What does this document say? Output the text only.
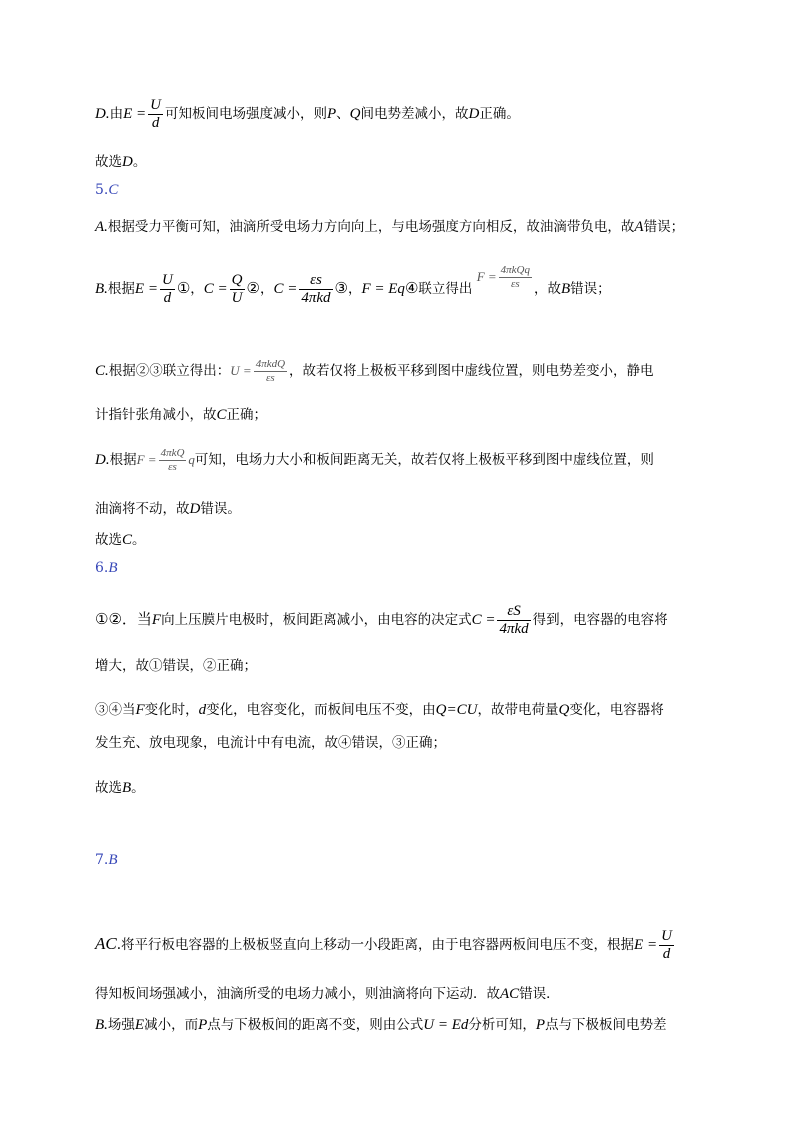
D.由$E = \frac{U}{d}$ 可知板间电场强度减小，则P、Q间电势差减小，故D正确。
故选D。
5.C
A.根据受力平衡可知，油滴所受电场力方向向上，与电场强度方向相反，故油滴带负电，故A错误；
B.根据$E = \frac{U}{d}$ ①，$C = \frac{Q}{U}$ ②，C =
εs
4πkd
③，F = Eq④联立得出 F = 4πkQq
εs	，故B错误；
C.根据②③联立得出：U = 4πkdQ
εs	，故若仅将上极板平移到图中虚线位置，则电势差变小，静电
计指针张角减小，故C正确；
D.根据F = 4πkQ
εs q可知，电场力大小和板间距离无关，故若仅将上极板平移到图中虚线位置，则
油滴将不动，故D错误。
故选C。
6.B
①②．当F向上压膜片电极时，板间距离减小，由电容的决定式C =
εS
4πkd
得到，电容器的电容将
增大，故①错误，②正确；
③④当F变化时，d变化，电容变化，而板间电压不变，由Q=CU，故带电荷量Q变化，电容器将
发生充、放电现象，电流计中有电流，故④错误，③正确；
故选B。
7.B
AC.将平行板电容器的上极板竖直向上移动一小段距离，由于电容器两板间电压不变，根据$E = \frac{U}{d}$
得知板间场强减小，油滴所受的电场力减小，则油滴将向下运动．故AC错误．
B.场强E减小，而P点与下极板间的距离不变，则由公式U = Ed分析可知，P点与下极板间电势差
